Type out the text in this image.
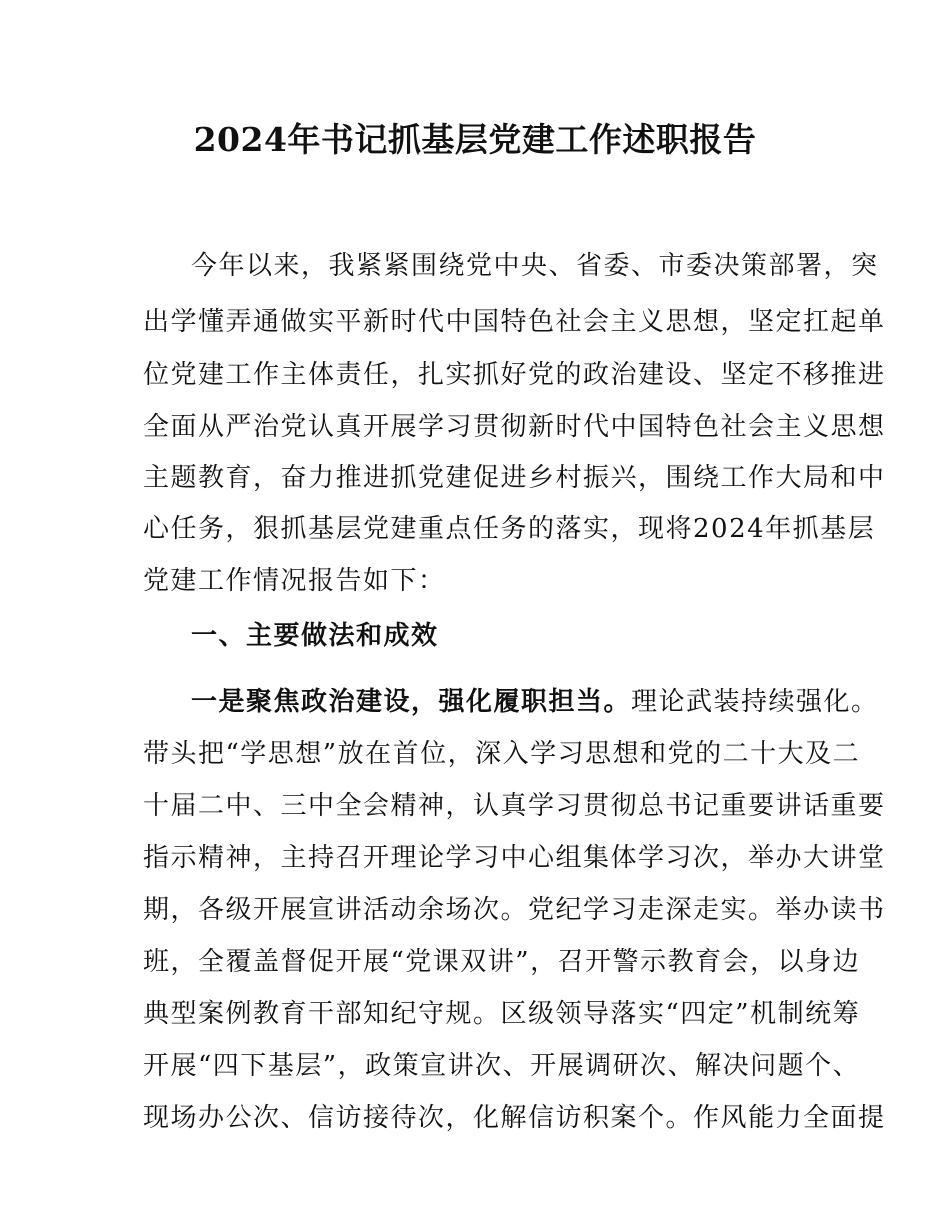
2024年书记抓基层党建工作述职报告
今年以来，我紧紧围绕党中央、省委、市委决策部署，突
出学懂弄通做实平新时代中国特色社会主义思想，坚定扛起单
位党建工作主体责任，扎实抓好党的政治建设、坚定不移推进
全面从严治党认真开展学习贯彻新时代中国特色社会主义思想
主题教育，奋力推进抓党建促进乡村振兴，围绕工作大局和中
心任务，狠抓基层党建重点任务的落实，现将2024年抓基层
党建工作情况报告如下：
一、主要做法和成效
一是聚焦政治建设，强化履职担当。理论武装持续强化。
带头把“学思想”放在首位，深入学习思想和党的二十大及二
十届二中、三中全会精神，认真学习贯彻总书记重要讲话重要
指示精神，主持召开理论学习中心组集体学习次，举办大讲堂
期，各级开展宣讲活动余场次。党纪学习走深走实。举办读书
班，全覆盖督促开展“党课双讲”，召开警示教育会，以身边
典型案例教育干部知纪守规。区级领导落实“四定”机制统筹
开展“四下基层”，政策宣讲次、开展调研次、解决问题个、
现场办公次、信访接待次，化解信访积案个。作风能力全面提
